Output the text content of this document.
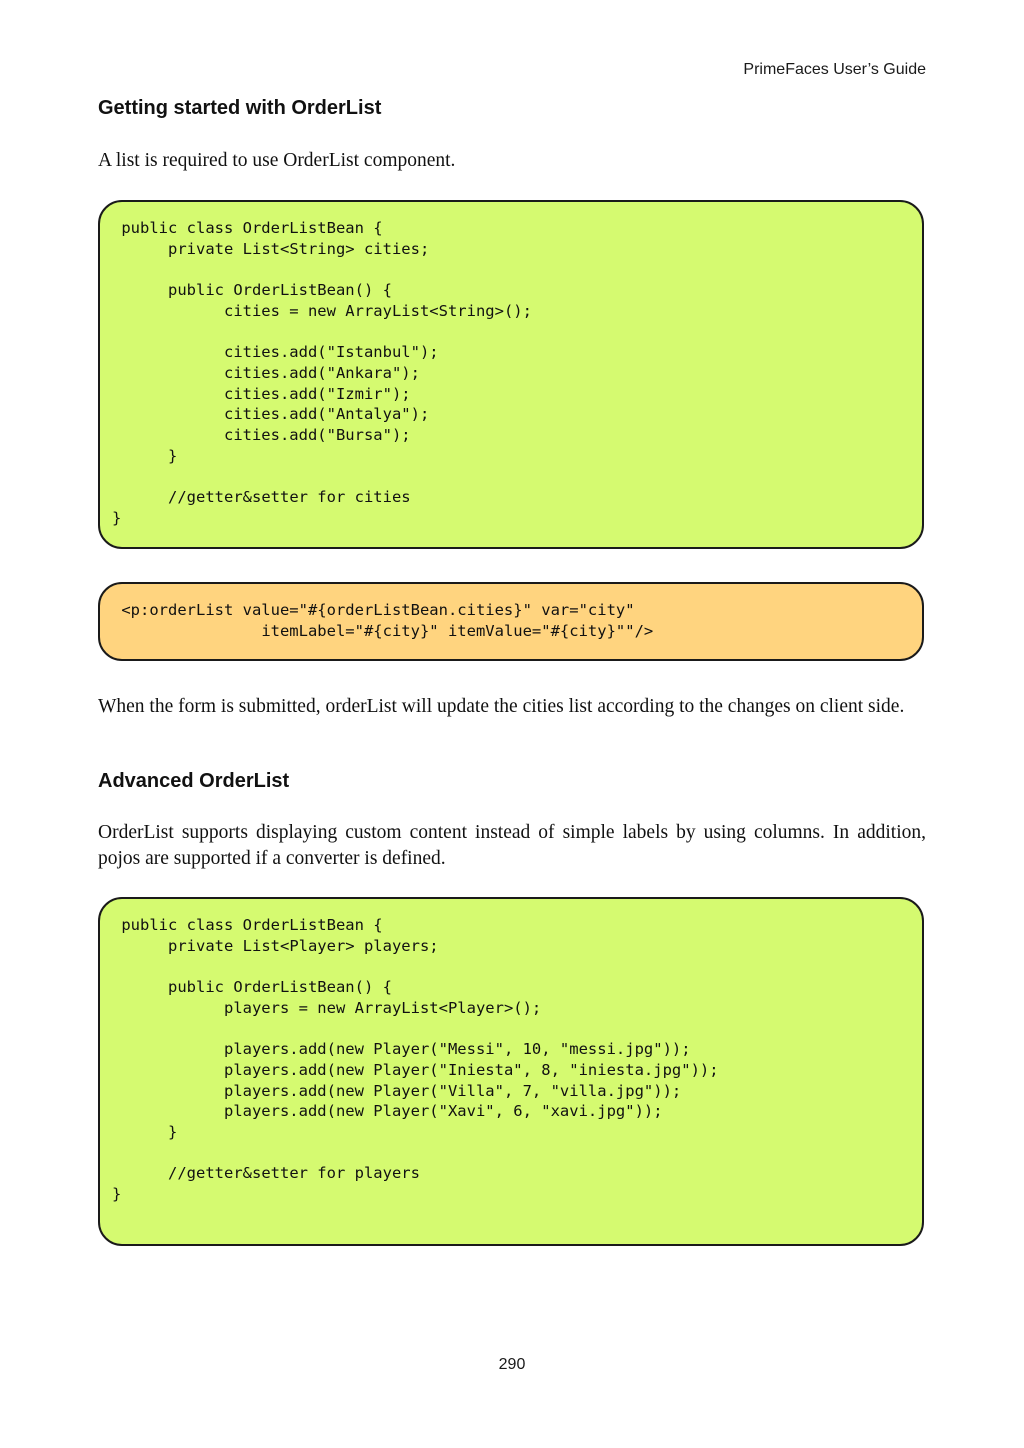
PrimeFaces User’s Guide
Getting started with OrderList

A list is required to use OrderList component.

public class OrderListBean {
	private List<String> cities;

	public OrderListBean() {
		cities = new ArrayList<String>();

		cities.add("Istanbul");
		cities.add("Ankara");
		cities.add("Izmir");
		cities.add("Antalya");
		cities.add("Bursa");
	}

	//getter&setter for cities
}
<p:orderList value="#{orderListBean.cities}" var="city"
		itemLabel="#{city}" itemValue="#{city}""/>

When the form is submitted, orderList will update the cities list according to the changes on client side.

Advanced OrderList

OrderList supports displaying custom content instead of simple labels by using columns. In addition, pojos are supported if a converter is defined.

public class OrderListBean {
	private List<Player> players;

	public OrderListBean() {
		players = new ArrayList<Player>();

		players.add(new Player("Messi", 10, "messi.jpg"));
		players.add(new Player("Iniesta", 8, "iniesta.jpg"));
		players.add(new Player("Villa", 7, "villa.jpg"));
		players.add(new Player("Xavi", 6, "xavi.jpg"));
	}

	//getter&setter for players
}
290
